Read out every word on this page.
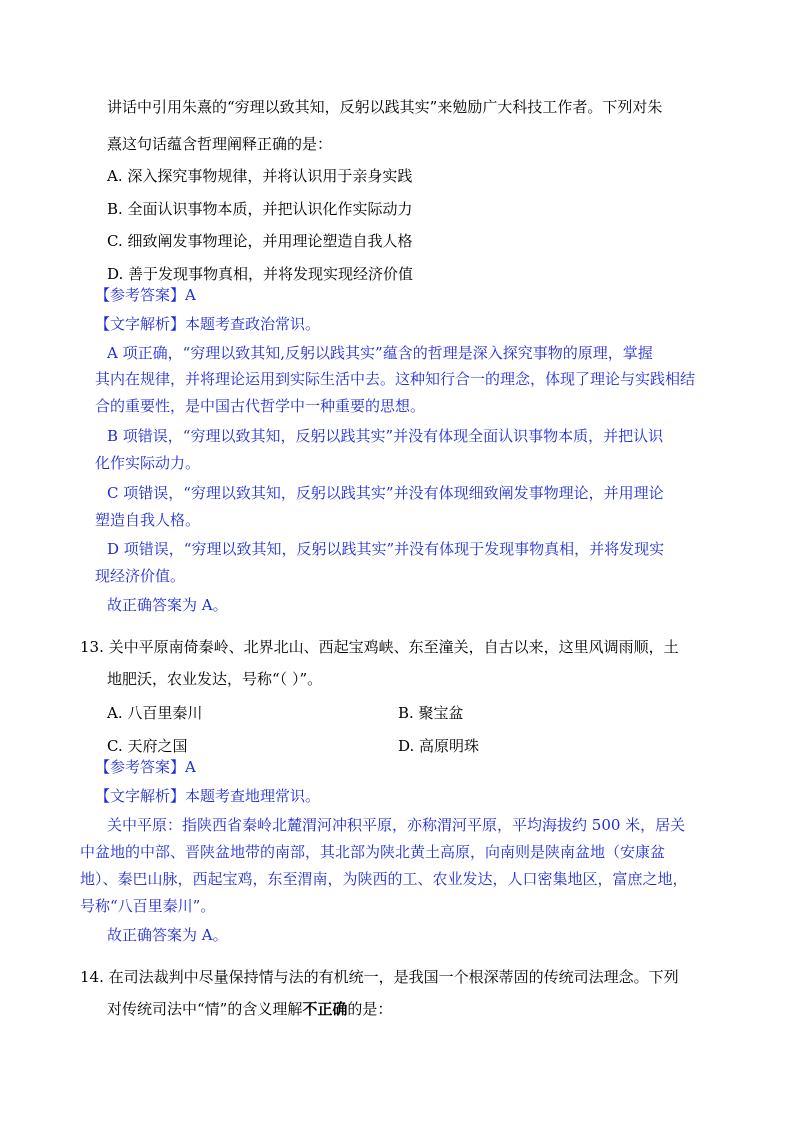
讲话中引用朱熹的“穷理以致其知，反躬以践其实”来勉励广大科技工作者。下列对朱
熹这句话蕴含哲理阐释正确的是：
A. 深入探究事物规律，并将认识用于亲身实践
B. 全面认识事物本质，并把认识化作实际动力
C. 细致阐发事物理论，并用理论塑造自我人格
D. 善于发现事物真相，并将发现实现经济价值
【参考答案】A
【文字解析】本题考查政治常识。
A 项正确，“穷理以致其知,反躬以践其实”蕴含的哲理是深入探究事物的原理，掌握
其内在规律，并将理论运用到实际生活中去。这种知行合一的理念，体现了理论与实践相结
合的重要性，是中国古代哲学中一种重要的思想。
B 项错误，“穷理以致其知，反躬以践其实”并没有体现全面认识事物本质，并把认识
化作实际动力。
C 项错误，“穷理以致其知，反躬以践其实”并没有体现细致阐发事物理论，并用理论
塑造自我人格。
D 项错误，“穷理以致其知，反躬以践其实”并没有体现于发现事物真相，并将发现实
现经济价值。
故正确答案为 A。
13. 关中平原南倚秦岭、北界北山、西起宝鸡峡、东至潼关，自古以来，这里风调雨顺，土
地肥沃，农业发达，号称“（ ）”。
A. 八百里秦川	B. 聚宝盆
C. 天府之国	D. 高原明珠
【参考答案】A
【文字解析】本题考查地理常识。
关中平原：指陕西省秦岭北麓渭河冲积平原，亦称渭河平原，平均海拔约 500 米，居关
中盆地的中部、晋陕盆地带的南部，其北部为陕北黄土高原，向南则是陕南盆地（安康盆
地）、秦巴山脉，西起宝鸡，东至渭南，为陕西的工、农业发达，人口密集地区，富庶之地，
号称“八百里秦川”。
故正确答案为 A。
14. 在司法裁判中尽量保持情与法的有机统一，是我国一个根深蒂固的传统司法理念。下列
对传统司法中“情”的含义理解不正确的是：
